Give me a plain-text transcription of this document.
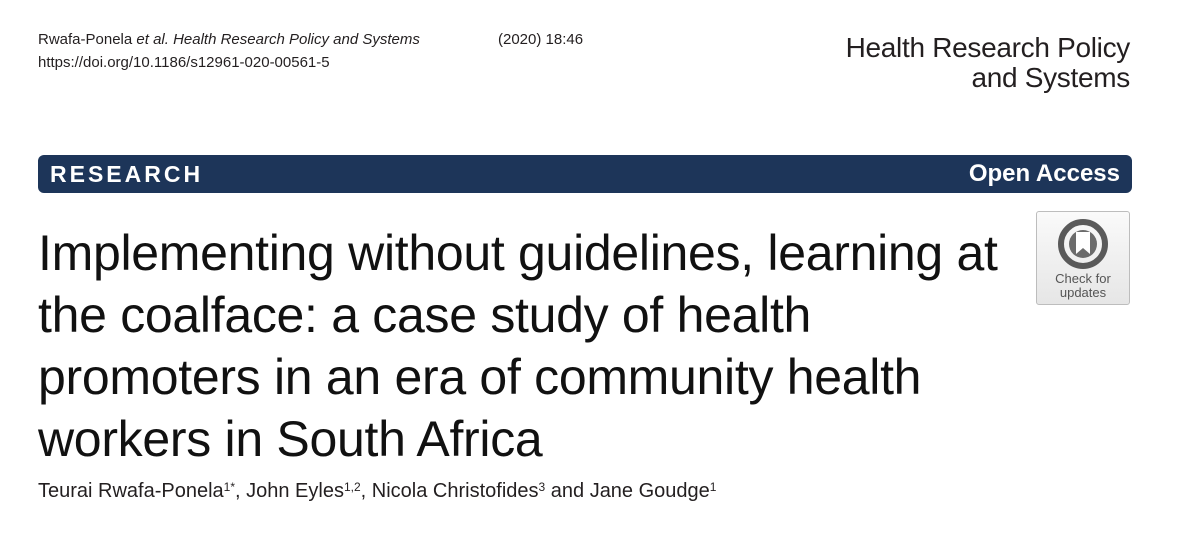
Rwafa-Ponela et al. Health Research Policy and Systems	(2020) 18:46
https://doi.org/10.1186/s12961-020-00561-5	Health Research Policy
and Systems
RESEARCH	Open Access
Check for
updates
Implementing without guidelines, learning at the coalface: a case study of health promoters in an era of community health workers in South Africa
Teurai Rwafa-Ponela$^{1*}$, John Eyles$^{1,2}$, Nicola Christofides$^3$ and Jane Goudge$^1$
